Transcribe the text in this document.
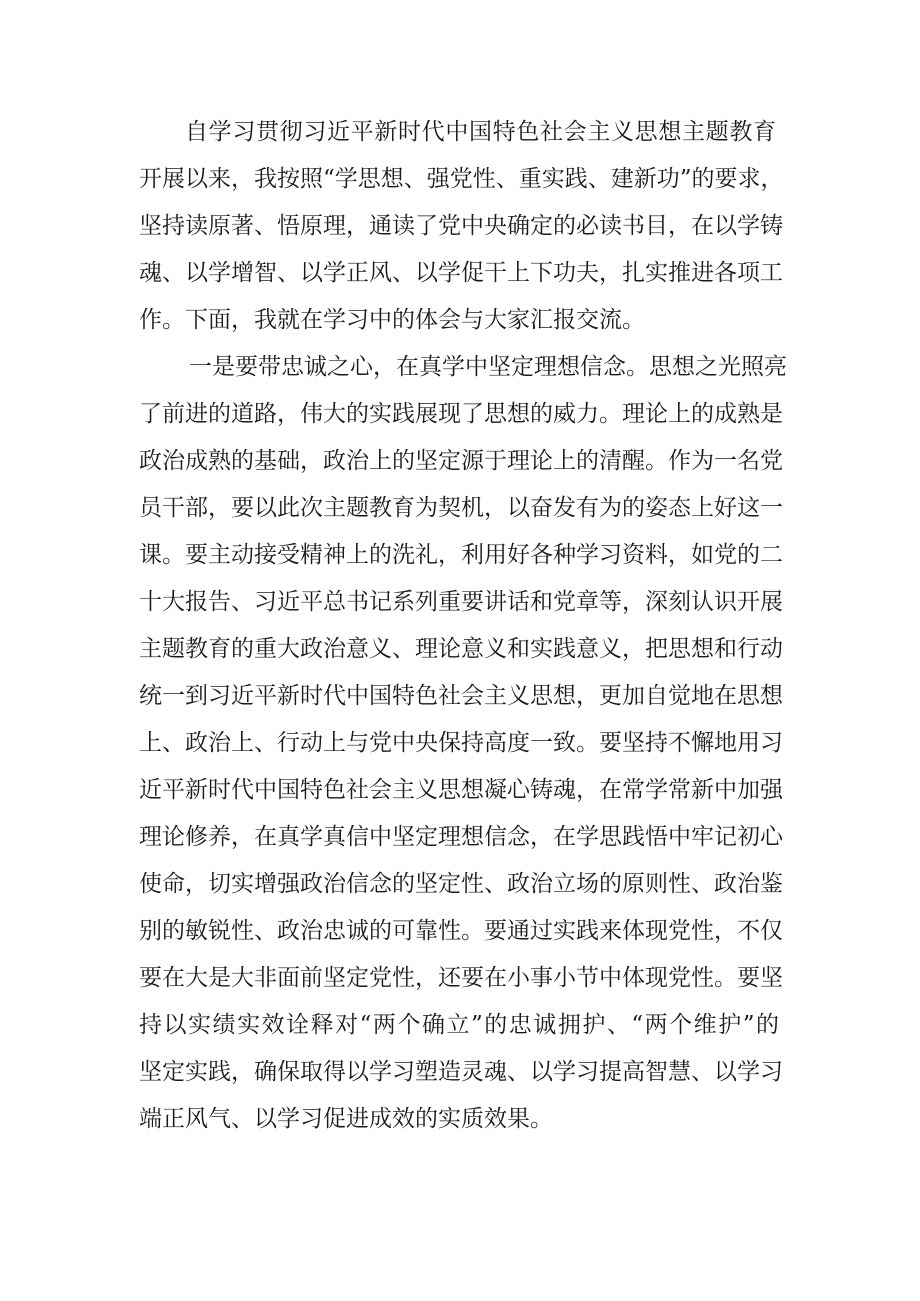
自学习贯彻习近平新时代中国特色社会主义思想主题教育

开展以来，我按照“学思想、强党性、重实践、建新功”的要求，

坚持读原著、悟原理，通读了党中央确定的必读书目，在以学铸

魂、以学增智、以学正风、以学促干上下功夫，扎实推进各项工

作。下面，我就在学习中的体会与大家汇报交流。

一是要带忠诚之心，在真学中坚定理想信念。思想之光照亮

了前进的道路，伟大的实践展现了思想的威力。理论上的成熟是

政治成熟的基础，政治上的坚定源于理论上的清醒。作为一名党

员干部，要以此次主题教育为契机，以奋发有为的姿态上好这一

课。要主动接受精神上的洗礼，利用好各种学习资料，如党的二

十大报告、习近平总书记系列重要讲话和党章等，深刻认识开展

主题教育的重大政治意义、理论意义和实践意义，把思想和行动

统一到习近平新时代中国特色社会主义思想，更加自觉地在思想

上、政治上、行动上与党中央保持高度一致。要坚持不懈地用习

近平新时代中国特色社会主义思想凝心铸魂，在常学常新中加强

理论修养，在真学真信中坚定理想信念，在学思践悟中牢记初心

使命，切实增强政治信念的坚定性、政治立场的原则性、政治鉴

别的敏锐性、政治忠诚的可靠性。要通过实践来体现党性，不仅

要在大是大非面前坚定党性，还要在小事小节中体现党性。要坚

持以实绩实效诠释对“两个确立”的忠诚拥护、“两个维护”的

坚定实践，确保取得以学习塑造灵魂、以学习提高智慧、以学习

端正风气、以学习促进成效的实质效果。
